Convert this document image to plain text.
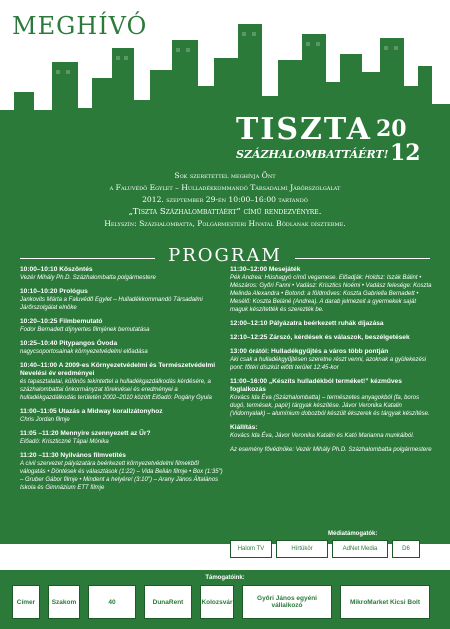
MEGHÍVÓ
TISZTA 20
12
SZÁZHALOMBATTÁÉRT!
Sok szeretettel meghívja Önt
a Faluvédő Egylet – Hulladékkommandó Társadalmi Járőrszolgálat
2012. szeptember 29-én 10:00–16:00 tartandó
„Tiszta Százhalombattáért” című rendezvényre.
Helyszín: Százhalombatta, Polgármesteri Hivatal Bödlanak díszterme.
PROGRAM
10:00–10:10 Köszöntés
Vezér Mihály Ph.D. Százhalombatta polgármestere
10:10–10:20 Prológus
Jankovits Márta a Faluvédő Egylet – Hulladékkommandó Társadalmi Járőrszolgálat elnöke
10:20–10:25 Filmbemutató
Fodor Bernadett díjnyertes filmjének bemutatása
10:25–10:40 Pitypangos Óvoda
nagycsoportosainak környezetvédelmi előadása
10:40–11:00 A 2009-es Környezetvédelmi és Természetvédelmi Nevelési év eredményei
és tapasztalatai, különös tekintettel a hulladékgazdálkodás kérdésére, a százhalombattai önkormányzat törekvései és eredményei a hulladékgazdálkodás területén 2002–2010 között Előadó: Pogány Gyula
11:00–11:05 Utazás a Midway korallzátonyhoz
Chris Jordan filmje
11:05 –11:20 Mennyire szennyezett az Űr?
Előadó: Kriszticzné Tápai Mónika
11:20 –11:30 Nyilvános filmvetítés
A civil szervezet pályázatára beérkezett környezetvédelmi filmekből válogatás • Döntések és választások (1:22) – Vida Belián filmje • Box (1:35″) – Gruber Gábor filmje • Mindent a helyére! (3:10″) – Arany János Általános Iskola és Gimnázium ETT filmje
11:30–12:00 Mesejáték
Pék Andrea: Húshagyó című vegamese. Előadják: Holdsz: Iszák Bálint • Mészáros: Győri Fanni • Vadász: Krisztics Noémi • Vadász felesége: Koszta Melinda Alexandra • Botond: a földműves: Koszta Gabriella Bernadett • Mesélő: Koszta Beláné (Andrea). A darab jelmezeit a gyermekek saját maguk készítették és szerezték be.
12:00–12:10 Pályázatra beérkezett ruhák díjazása
12:10–12:25 Zárszó, kérdések és válaszok, beszélgetések
13:00 órától: Hulladékgyűjtés a város több pontján
Aki csak a hulladékgyűjtésen szeretne részt venni, azoknak a gyülekezési pont: főtéri díszkút előtti terület 12:45-kor
11:00–16:00 „Készíts hulladékból terméket!” kézműves foglalkozás
Kovács Ida Éva (Százhalombatta) – természetes anyagokból (fa, boros dugó, termések, papír) tárgyak készítése. Jávor Veronika Katalin (Vidornyalak) – alumínium dobozból készült ékszerek és tárgyak készítése.
Kiállítás:
Kovács Ida Éva, Jávor Veronika Katalin és Kató Marianna munkáiból.
Az esemény fővédnöke: Vezér Mihály Ph.D. Százhalombatta polgármestere
Médiatámogatók:
Halom TV	Hírtükör	AdNet Media	D6
Támogatóink:
Címer	Szakom	40	DunaRent	Kolozsvár	Győri János egyéni vállalkozó	MikroMarket Kicsi Bolt
